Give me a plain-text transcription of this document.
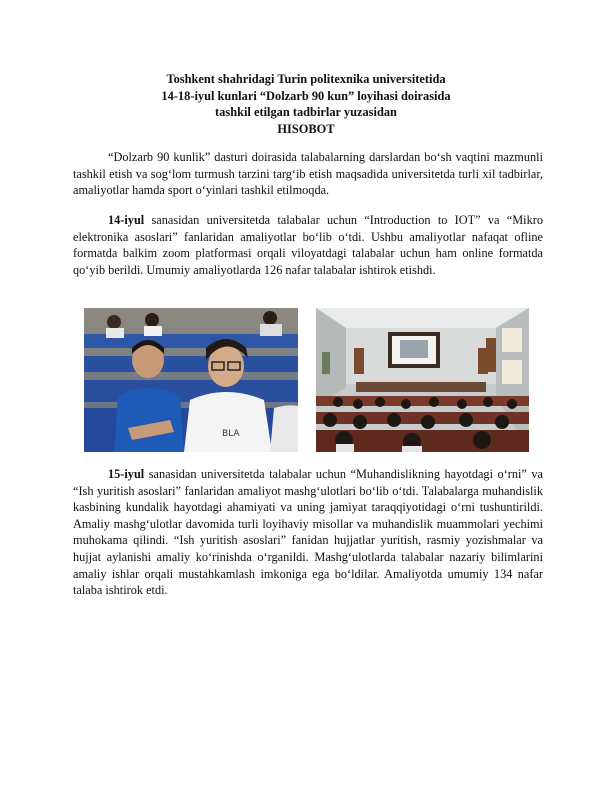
Toshkent shahridagi Turin politexnika universitetida
14-18-iyul kunlari “Dolzarb 90 kun” loyihasi doirasida
tashkil etilgan tadbirlar yuzasidan
HISOBOT
“Dolzarb 90 kunlik” dasturi doirasida talabalarning darslardan bo‘sh vaqtini mazmunli tashkil etish va sog‘lom turmush tarzini targ‘ib etish maqsadida universitetda turli xil tadbirlar, amaliyotlar hamda sport o‘yinlari tashkil etilmoqda.
14-iyul sanasidan universitetda talabalar uchun “Introduction to IOT” va “Mikro elektronika asoslari” fanlaridan amaliyotlar bo‘lib o‘tdi. Ushbu amaliyotlar nafaqat ofline formatda balkim zoom platformasi orqali viloyatdagi talabalar uchun ham online formatda qo‘yib berildi. Umumiy amaliyotlarda 126 nafar talabalar ishtirok etishdi.
BLA
15-iyul sanasidan universitetda talabalar uchun “Muhandislikning hayotdagi o‘rni” va “Ish yuritish asoslari” fanlaridan amaliyot mashg‘ulotlari bo‘lib o‘tdi. Talabalarga muhandislik kasbining kundalik hayotdagi ahamiyati va uning jamiyat taraqqiyotidagi o‘rni tushuntirildi. Amaliy mashg‘ulotlar davomida turli loyihaviy misollar va muhandislik muammolari yechimi muhokama qilindi. “Ish yuritish asoslari” fanidan hujjatlar yuritish, rasmiy yozishmalar va hujjat aylanishi amaliy ko‘rinishda o‘rganildi. Mashg‘ulotlarda talabalar nazariy bilimlarini amaliy ishlar orqali mustahkamlash imkoniga ega bo‘ldilar. Amaliyotda umumiy 134 nafar talaba ishtirok etdi.
